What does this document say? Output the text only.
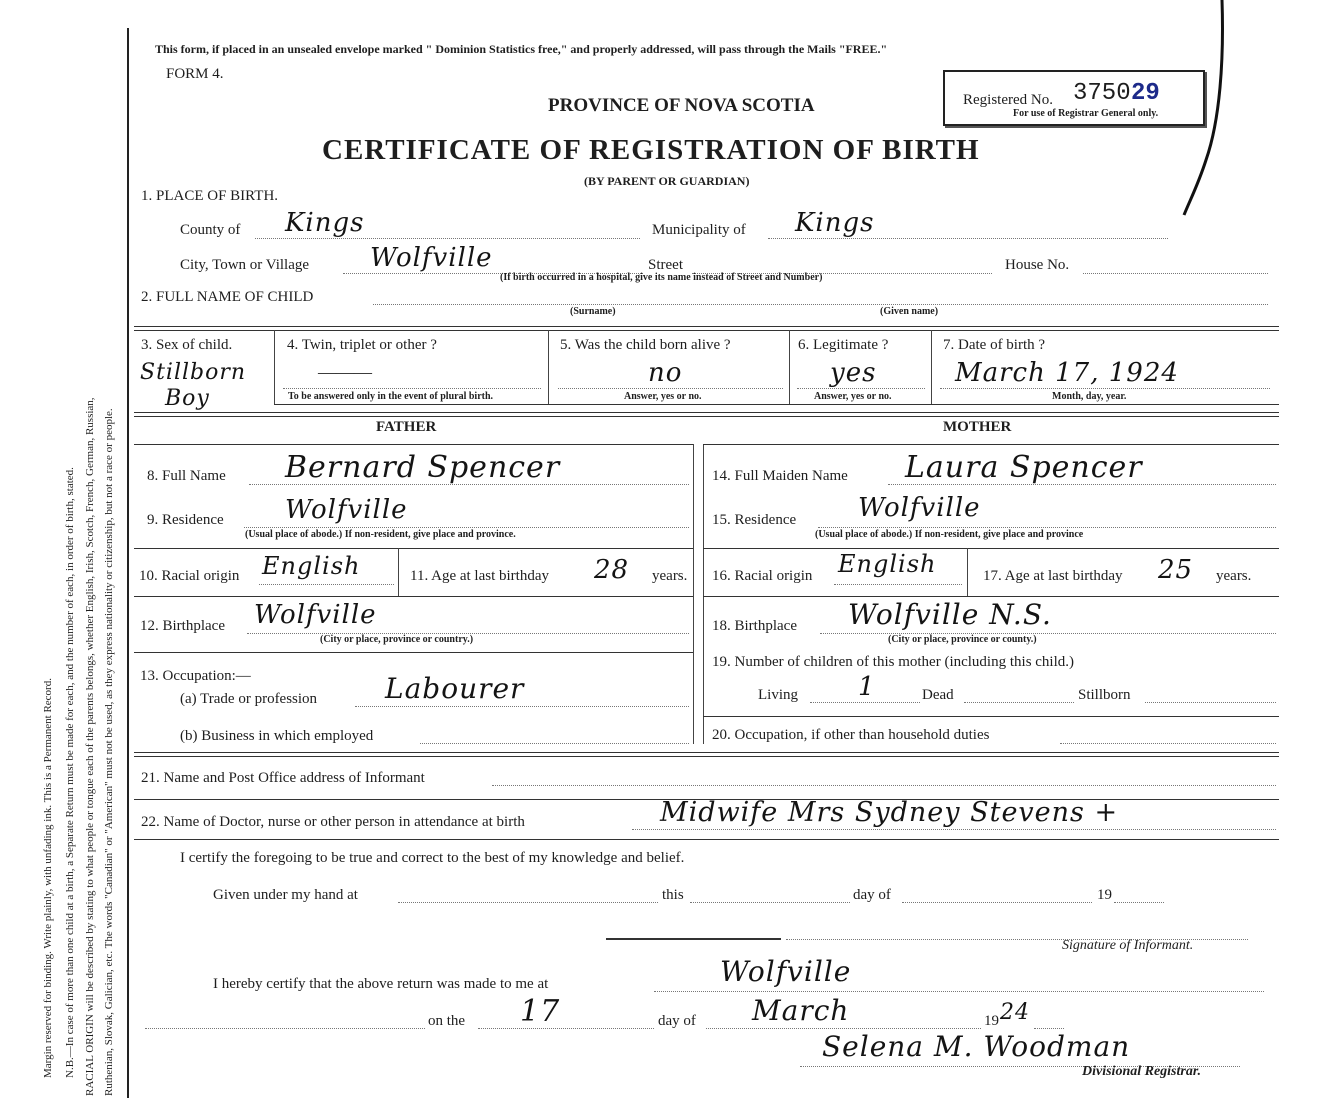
Margin reserved for binding. Write plainly, with unfading ink. This is a Permanent Record. N.B.—In case of more than one child at a birth, a Separate Return must be made for each, and the number of each, in order of birth, stated. RACIAL ORIGIN will be described by stating to what people or tongue each of the parents belongs, whether English, Irish, Scotch, French, German, Russian, Ruthenian, Slovak, Galician, etc. The words "Canadian" or "American" must not be used, as they express nationality or citizenship, but not a race or people.
This form, if placed in an unsealed envelope marked " Dominion Statistics free," and properly addressed, will pass through the Mails "FREE."
FORM 4.
PROVINCE OF NOVA SCOTIA
CERTIFICATE OF REGISTRATION OF BIRTH
(BY PARENT OR GUARDIAN)
Registered No. 3750 29
For use of Registrar General only.
1. PLACE OF BIRTH.
County of Kings	Municipality of Kings
City, Town or Village Wolfville	Street	House No.
(If birth occurred in a hospital, give its name instead of Street and Number)
2. FULL NAME OF CHILD
(Surname)	(Given name)
3. Sex of child.
Stillborn
Boy
4. Twin, triplet or other ?
———
To be answered only in the event of plural birth.
5. Was the child born alive ?
no
Answer, yes or no.
6. Legitimate ?
yes
Answer, yes or no.
7. Date of birth ?
March 17, 1924
Month, day, year.
FATHER	MOTHER
8. Full Name Bernard Spencer
9. Residence Wolfville
(Usual place of abode.) If non-resident, give place and province.
10. Racial origin English	11. Age at last birthday 28 years.
12. Birthplace Wolfville
(City or place, province or country.)
13. Occupation:—
(a) Trade or profession Labourer
(b) Business in which employed
14. Full Maiden Name Laura Spencer
15. Residence Wolfville
(Usual place of abode.) If non-resident, give place and province
16. Racial origin English	17. Age at last birthday 25 years.
18. Birthplace Wolfville N.S.
(City or place, province or county.)
19. Number of children of this mother (including this child.)
Living 1	Dead	Stillborn
20. Occupation, if other than household duties
21. Name and Post Office address of Informant
22. Name of Doctor, nurse or other person in attendance at birth	Midwife Mrs Sydney Stevens +
I certify the foregoing to be true and correct to the best of my knowledge and belief.
Given under my hand at	this	day of	19
Signature of Informant.
I hereby certify that the above return was made to me at	Wolfville
on the 17	day of March	19 24
Selena M. Woodman
Divisional Registrar.
